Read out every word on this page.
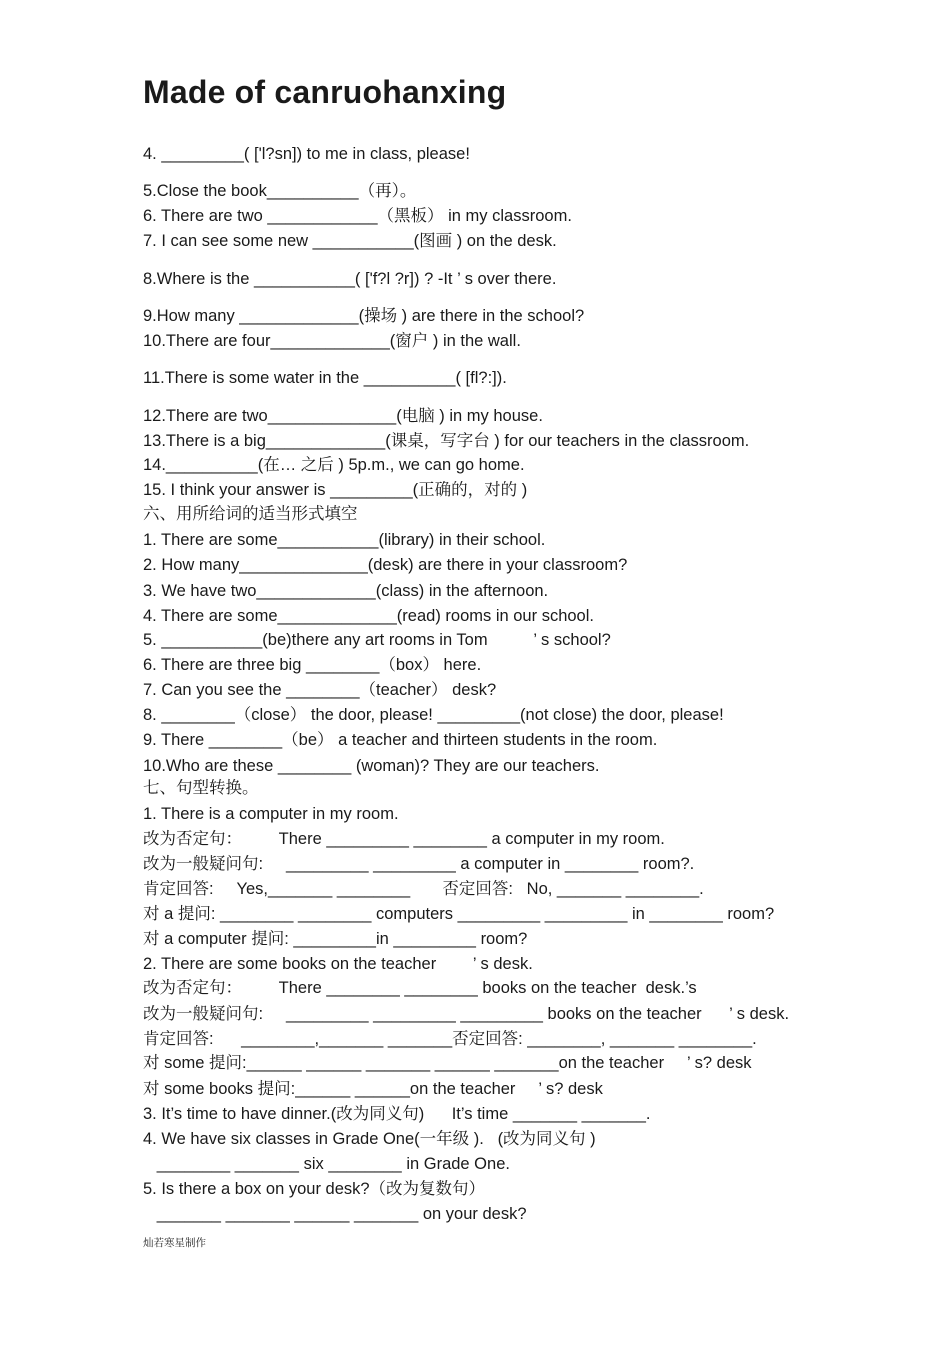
Made of canruohanxing
4. _________( ['l?sn]) to me in class, please!
5.Close the book__________（再）。
6. There are two ____________（黑板） in my classroom.
7. I can see some new ___________(图画 ) on the desk.
8.Where is the ___________( ['f?l ?r]) ? -It ’ s over there.
9.How many _____________(操场 ) are there in the school?
10.There are four_____________(窗户 ) in the wall.
11.There is some water in the __________( [fl?:]).
12.There are two______________(电脑 ) in my house.
13.There is a big_____________(课桌，写字台 ) for our teachers in the classroom.
14.__________(在… 之后 ) 5p.m., we can go home.
15. I think your answer is _________(正确的，对的 )
六、用所给词的适当形式填空
1. There are some___________(library) in their school.
2. How many______________(desk) are there in your classroom?
3. We have two_____________(class) in the afternoon.
4. There are some_____________(read) rooms in our school.
5. ___________(be)there any art rooms in Tom          ’ s school?
6. There are three big ________（box） here.
7. Can you see the ________（teacher） desk?
8. ________（close） the door, please! _________(not close) the door, please!
9. There ________（be） a teacher and thirteen students in the room.
10.Who are these ________ (woman)? They are our teachers.
七、句型转换。
1. There is a computer in my room.
改为否定句：        There _________ ________ a computer in my room.
改为一般疑问句:     _________ _________ a computer in ________ room?.
肯定回答:     Yes,_______ ________       否定回答:   No, _______ ________.
对 a 提问: ________ ________ computers _________ _________ in ________ room?
对 a computer 提问: _________in _________ room?
2. There are some books on the teacher        ’ s desk.
改为否定句：        There ________ ________ books on the teacher  desk.’s
改为一般疑问句:     _________ _________ _________ books on the teacher      ’ s desk.
肯定回答:      ________,_______ _______否定回答: ________, _______ ________.
对 some 提问:______ ______ _______ ______ _______on the teacher     ’ s? desk
对 some books 提问:______ ______on the teacher     ’ s? desk
3. It’s time to have dinner.(改为同义句)      It’s time _______ _______.
4. We have six classes in Grade One(一年级 ).   (改为同义句 )
________ _______ six ________ in Grade One.
5. Is there a box on your desk?（改为复数句）
_______ _______ ______ _______ on your desk?
灿若寒星制作
